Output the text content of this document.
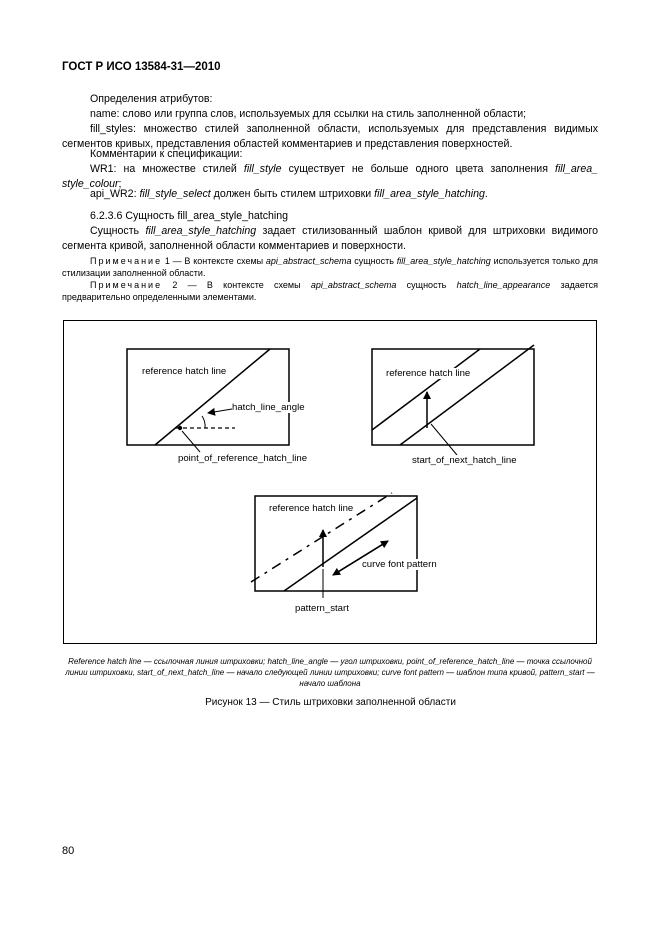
ГОСТ Р ИСО 13584-31—2010
Определения атрибутов:
name: слово или группа слов, используемых для ссылки на стиль заполненной области;
fill_styles: множество стилей заполненной области, используемых для представления видимых сегментов кривых, представления областей комментариев и представления поверхностей.
Комментарии к спецификации:
WR1: на множестве стилей fill_style существует не больше одного цвета заполнения fill_area_ style_colour;
api_WR2: fill_style_select должен быть стилем штриховки fill_area_style_hatching.
6.2.3.6 Сущность fill_area_style_hatching
Сущность fill_area_style_hatching задает стилизованный шаблон кривой для штриховки видимого сегмента кривой, заполненной области комментариев и поверхности.
Примечание 1 — В контексте схемы api_abstract_schema сущность fill_area_style_hatching используется только для стилизации заполненной области.
Примечание 2 — В контексте схемы api_abstract_schema сущность hatch_line_appearance задается предварительно определенными элементами.
reference hatch line
hatch_line_angle
point_of_reference_hatch_line
reference hatch line
start_of_next_hatch_line
reference hatch line
curve font pattern
pattern_start
Reference hatch line — ссылочная линия штриховки; hatch_line_angle — угол штриховки, point_of_reference_hatch_line — точка ссылочной линии штриховки, start_of_next_hatch_line — начало следующей линии штриховки; curve font pattern — шаблон типа кривой, pattern_start — начало шаблона
Рисунок 13 — Стиль штриховки заполненной области
80
